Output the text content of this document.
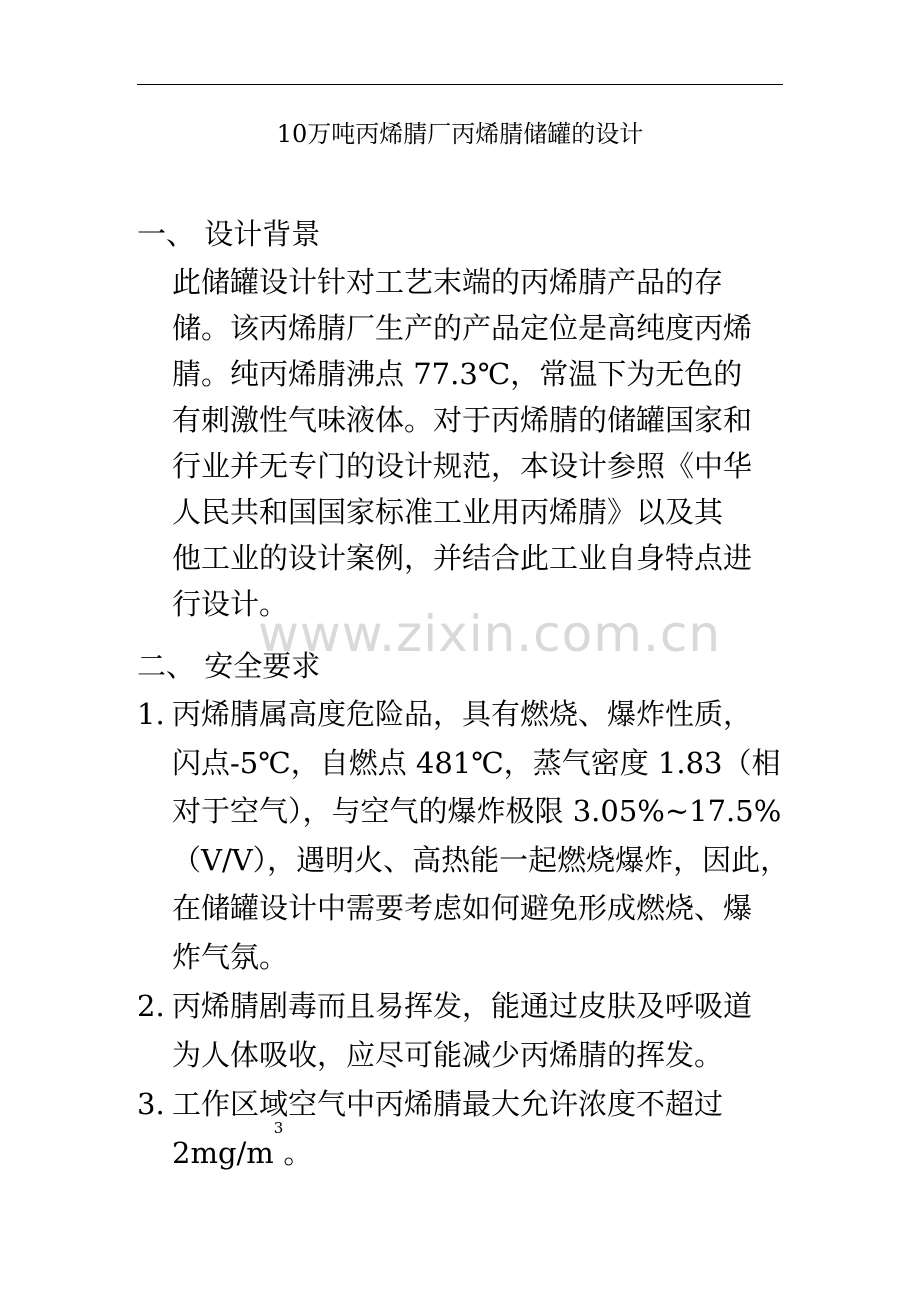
10万吨丙烯腈厂丙烯腈储罐的设计
一、 设计背景
此储罐设计针对工艺末端的丙烯腈产品的存
储。该丙烯腈厂生产的产品定位是高纯度丙烯
腈。纯丙烯腈沸点 77.3℃，常温下为无色的
有刺激性气味液体。对于丙烯腈的储罐国家和
行业并无专门的设计规范，本设计参照《中华
人民共和国国家标准工业用丙烯腈》以及其
他工业的设计案例，并结合此工业自身特点进
行设计。
二、 安全要求
1. 丙烯腈属高度危险品，具有燃烧、爆炸性质，
闪点-5℃，自燃点 481℃，蒸气密度 1.83（相
对于空气），与空气的爆炸极限 3.05%~17.5%
（V/V），遇明火、高热能一起燃烧爆炸，因此，
在储罐设计中需要考虑如何避免形成燃烧、爆
炸气氛。
2. 丙烯腈剧毒而且易挥发，能通过皮肤及呼吸道
为人体吸收，应尽可能减少丙烯腈的挥发。
3. 工作区域空气中丙烯腈最大允许浓度不超过
$2mg/m^3$。
www.zixin.com.cn
